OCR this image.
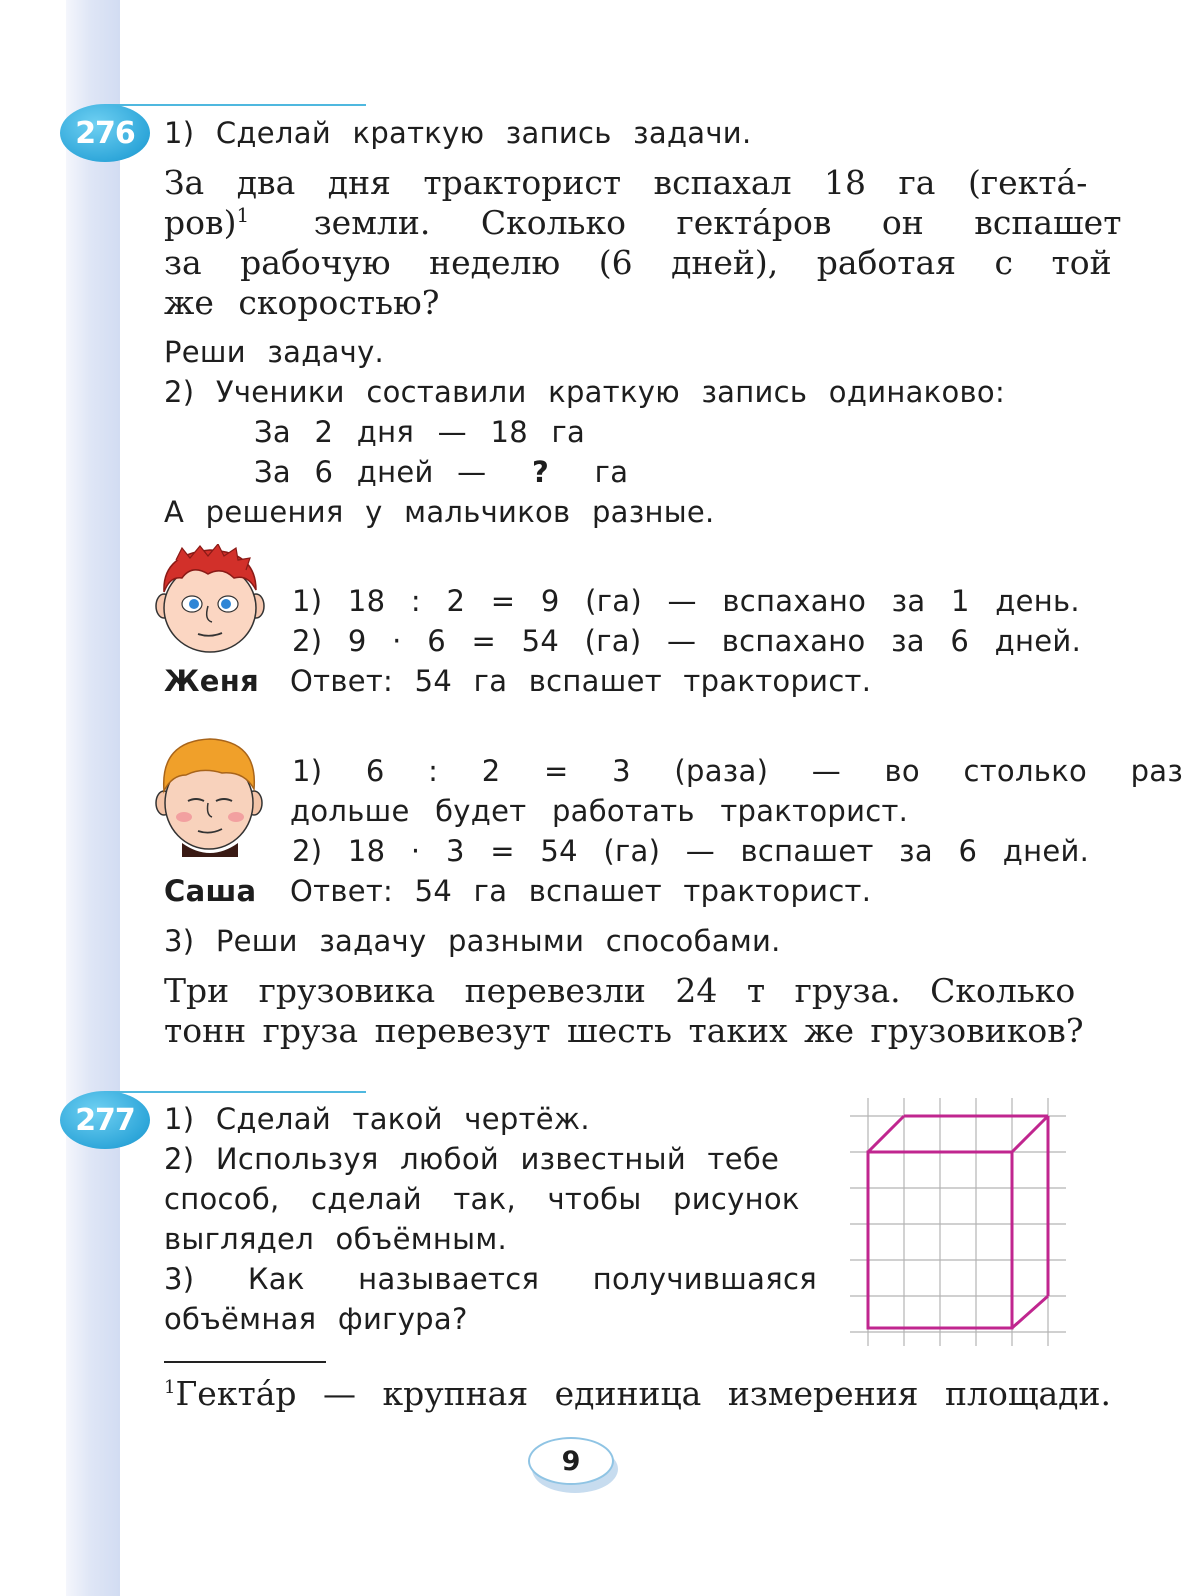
276	1) Сделай краткую запись задачи.
За два дня тракторист вспахал 18 га (гекта́-
ров)$^1$ земли. Сколько гекта́ров он вспашет
за рабочую неделю (6 дней), работая с той
же скоростью?
Реши задачу.
2) Ученики составили краткую запись одинаково:
За 2 дня — 18 га
За 6 дней — ? га
А решения у мальчиков разные.
1) 18 : 2 = 9 (га) — вспахано за 1 день.
2) 9 · 6 = 54 (га) — вспахано за 6 дней.
Женя Ответ: 54 га вспашет тракторист.
1) 6 : 2 = 3 (раза) — во столько раз
дольше будет работать тракторист.
2) 18 · 3 = 54 (га) — вспашет за 6 дней.
Саша Ответ: 54 га вспашет тракторист.
3) Реши задачу разными способами.
Три грузовика перевезли 24 т груза. Сколько
тонн груза перевезут шесть таких же грузовиков?
277	1) Сделай такой чертёж.
2) Используя любой известный тебе
способ, сделай так, чтобы рисунок
выглядел объёмным.
3) Как называется получившаяся
объёмная фигура?
$^1$Гекта́р — крупная единица измерения площади.
9
